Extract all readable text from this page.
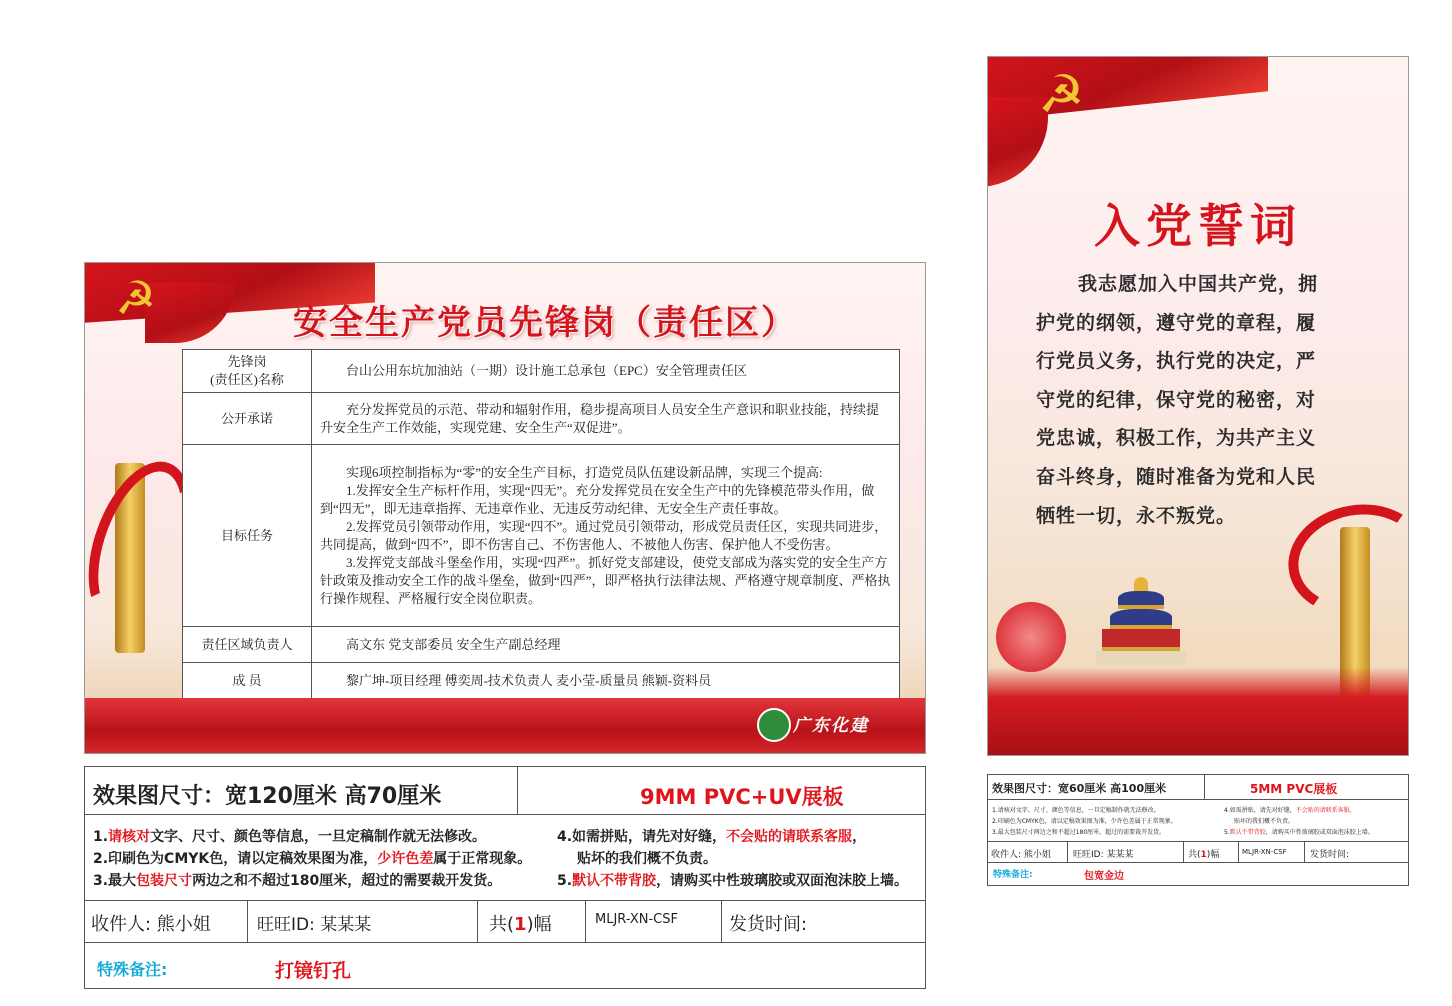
☭	安全生产党员先锋岗（责任区）
先锋岗
(责任区)名称	台山公用东坑加油站（一期）设计施工总承包（EPC）安全管理责任区
公开承诺	充分发挥党员的示范、带动和辐射作用，稳步提高项目人员安全生产意识和职业技能，持续提升安全生产工作效能，实现党建、安全生产“双促进”。
目标任务	实现6项控制指标为“零”的安全生产目标，打造党员队伍建设新品牌，实现三个提高:
1.发挥安全生产标杆作用，实现“四无”。充分发挥党员在安全生产中的先锋模范带头作用，做到“四无”，即无违章指挥、无违章作业、无违反劳动纪律、无安全生产责任事故。
2.发挥党员引领带动作用，实现“四不”。通过党员引领带动，形成党员责任区，实现共同进步，共同提高，做到“四不”，即不伤害自己、不伤害他人、不被他人伤害、保护他人不受伤害。
3.发挥党支部战斗堡垒作用，实现“四严”。抓好党支部建设，使党支部成为落实党的安全生产方针政策及推动安全工作的战斗堡垒，做到“四严”，即严格执行法律法规、严格遵守规章制度、严格执行操作规程、严格履行安全岗位职责。

责任区域负责人	高文东 党支部委员 安全生产副总经理
成 员	黎广坤-项目经理 傅奕周-技术负责人 麦小莹-质量员 熊颖-资料员
广东化建
☭
入党誓词
我志愿加入中国共产党，拥
护党的纲领，遵守党的章程，履
行党员义务，执行党的决定，严
守党的纪律，保守党的秘密，对
党忠诚，积极工作，为共产主义
奋斗终身，随时准备为党和人民
牺牲一切，永不叛党。
效果图尺寸：宽120厘米 高70厘米	9MM PVC+UV展板
1.请核对文字、尺寸、颜色等信息，一旦定稿制作就无法修改。
2.印刷色为CMYK色，请以定稿效果图为准，少许色差属于正常现象。
3.最大包装尺寸两边之和不超过180厘米，超过的需要裁开发货。
4.如需拼贴，请先对好缝，不会贴的请联系客服，
贴坏的我们概不负责。
5.默认不带背胶，请购买中性玻璃胶或双面泡沫胶上墙。
收件人: 熊小姐	旺旺ID: 某某某	共(1)幅	MLJR-XN-CSF	发货时间:
特殊备注:	打镜钉孔
效果图尺寸：宽60厘米 高100厘米	5MM PVC展板
1.请核对文字、尺寸、颜色等信息，一旦定稿制作就无法修改。
2.印刷色为CMYK色，请以定稿效果图为准，少许色差属于正常现象。
3.最大包装尺寸两边之和不超过180厘米，超过的需要裁开发货。
4.如需拼贴，请先对好缝，不会贴的请联系客服，
贴坏的我们概不负责。
5.默认不带背胶，请购买中性玻璃胶或双面泡沫胶上墙。
收件人: 熊小姐 旺旺ID: 某某某	共(1)幅	MLJR-XN-CSF	发货时间:
特殊备注:	包宽金边
